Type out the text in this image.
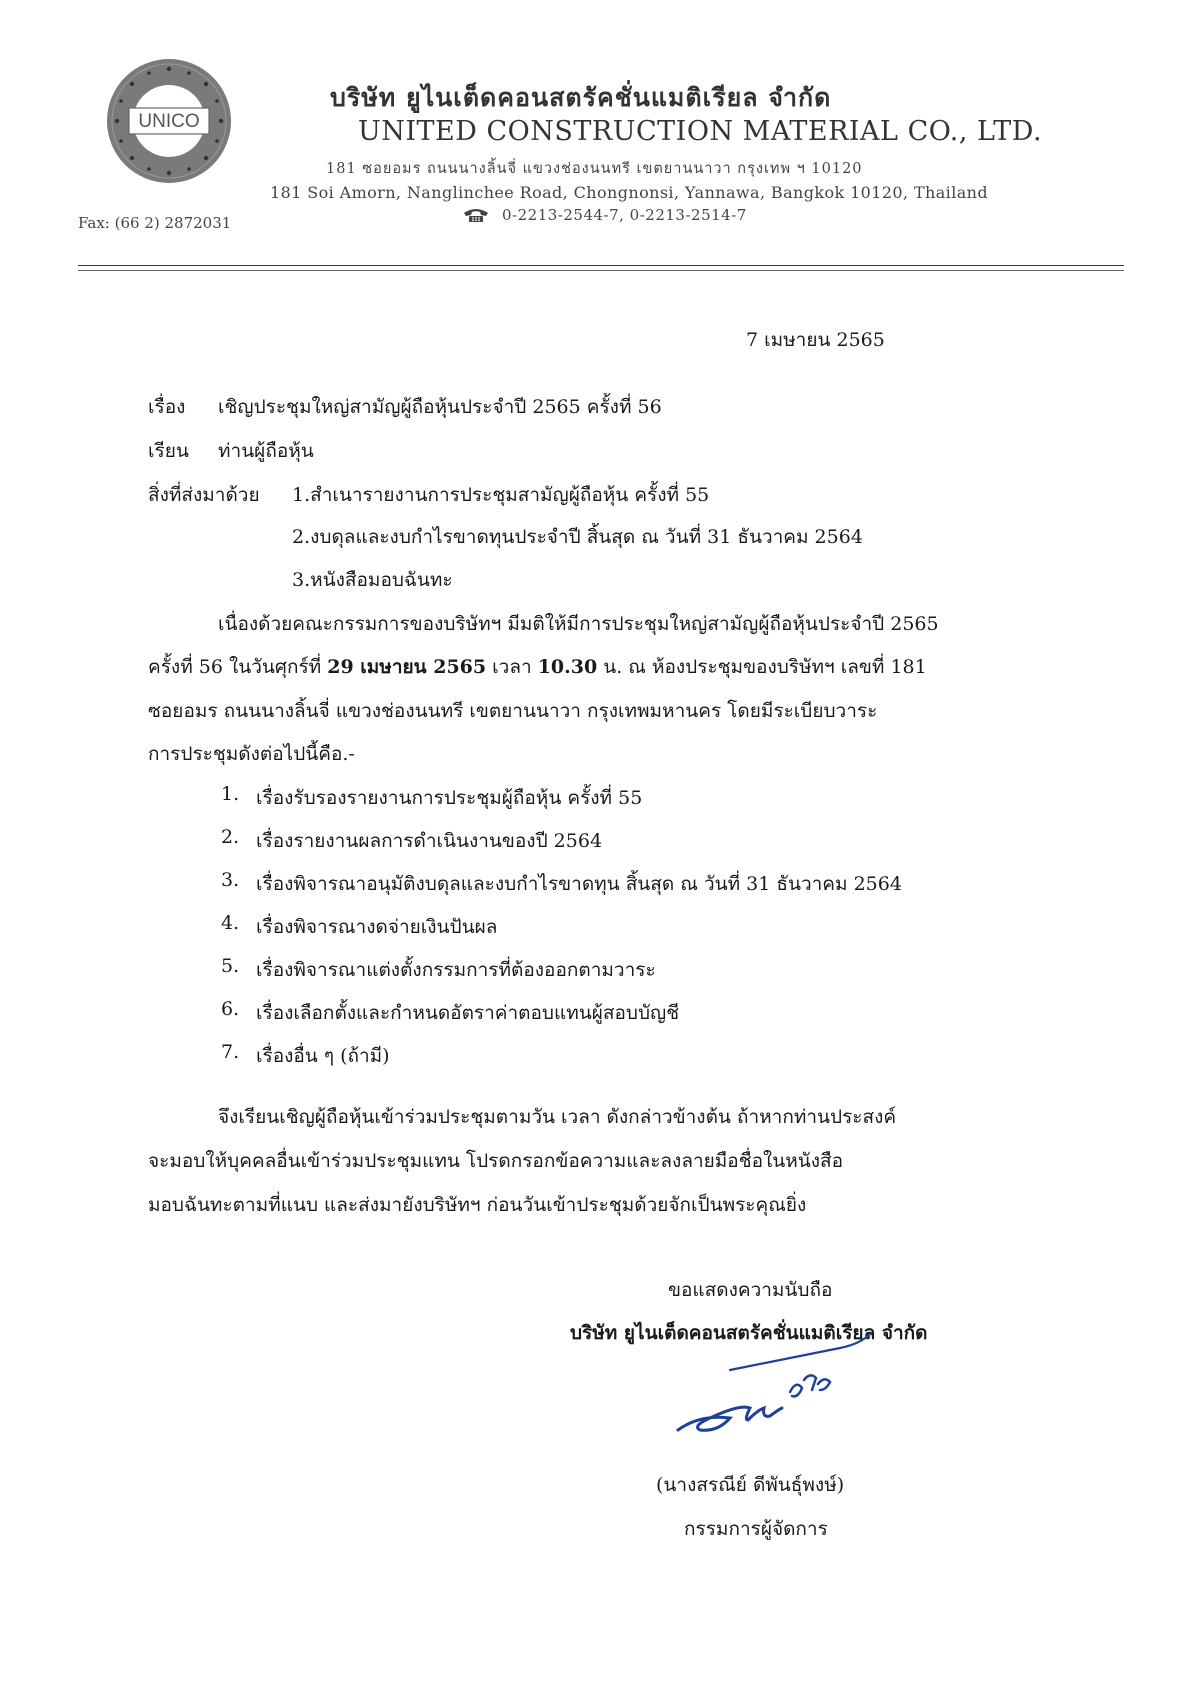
UNICO
บริษัท ยูไนเต็ดคอนสตรัคชั่นแมติเรียล จำกัด
UNITED CONSTRUCTION MATERIAL CO., LTD.
181 ซอยอมร ถนนนางลิ้นจี่ แขวงช่องนนทรี เขตยานนาวา กรุงเทพ ฯ 10120
181 Soi Amorn, Nanglinchee Road, Chongnonsi, Yannawa, Bangkok 10120, Thailand
Fax: (66 2) 2872031	0-2213-2544-7, 0-2213-2514-7
7 เมษายน 2565
เรื่อง เชิญประชุมใหญ่สามัญผู้ถือหุ้นประจำปี 2565 ครั้งที่ 56
เรียน ท่านผู้ถือหุ้น
สิ่งที่ส่งมาด้วย 1.สำเนารายงานการประชุมสามัญผู้ถือหุ้น ครั้งที่ 55
2.งบดุลและงบกำไรขาดทุนประจำปี สิ้นสุด ณ วันที่ 31 ธันวาคม 2564
3.หนังสือมอบฉันทะ
เนื่องด้วยคณะกรรมการของบริษัทฯ มีมติให้มีการประชุมใหญ่สามัญผู้ถือหุ้นประจำปี 2565
ครั้งที่ 56 ในวันศุกร์ที่ 29 เมษายน 2565 เวลา 10.30 น. ณ ห้องประชุมของบริษัทฯ เลขที่ 181
ซอยอมร ถนนนางลิ้นจี่ แขวงช่องนนทรี เขตยานนาวา กรุงเทพมหานคร โดยมีระเบียบวาระ
การประชุมดังต่อไปนี้คือ.-
1. เรื่องรับรองรายงานการประชุมผู้ถือหุ้น ครั้งที่ 55
2. เรื่องรายงานผลการดำเนินงานของปี 2564
3. เรื่องพิจารณาอนุมัติงบดุลและงบกำไรขาดทุน สิ้นสุด ณ วันที่ 31 ธันวาคม 2564
4. เรื่องพิจารณางดจ่ายเงินปันผล
5. เรื่องพิจารณาแต่งตั้งกรรมการที่ต้องออกตามวาระ
6. เรื่องเลือกตั้งและกำหนดอัตราค่าตอบแทนผู้สอบบัญชี
7. เรื่องอื่น ๆ (ถ้ามี)
จึงเรียนเชิญผู้ถือหุ้นเข้าร่วมประชุมตามวัน เวลา ดังกล่าวข้างต้น ถ้าหากท่านประสงค์
จะมอบให้บุคคลอื่นเข้าร่วมประชุมแทน โปรดกรอกข้อความและลงลายมือชื่อในหนังสือ
มอบฉันทะตามที่แนบ และส่งมายังบริษัทฯ ก่อนวันเข้าประชุมด้วยจักเป็นพระคุณยิ่ง
ขอแสดงความนับถือ
บริษัท ยูไนเต็ดคอนสตรัคชั่นแมติเรียล จำกัด
(นางสรณีย์ ดีพันธุ์พงษ์)
กรรมการผู้จัดการ
